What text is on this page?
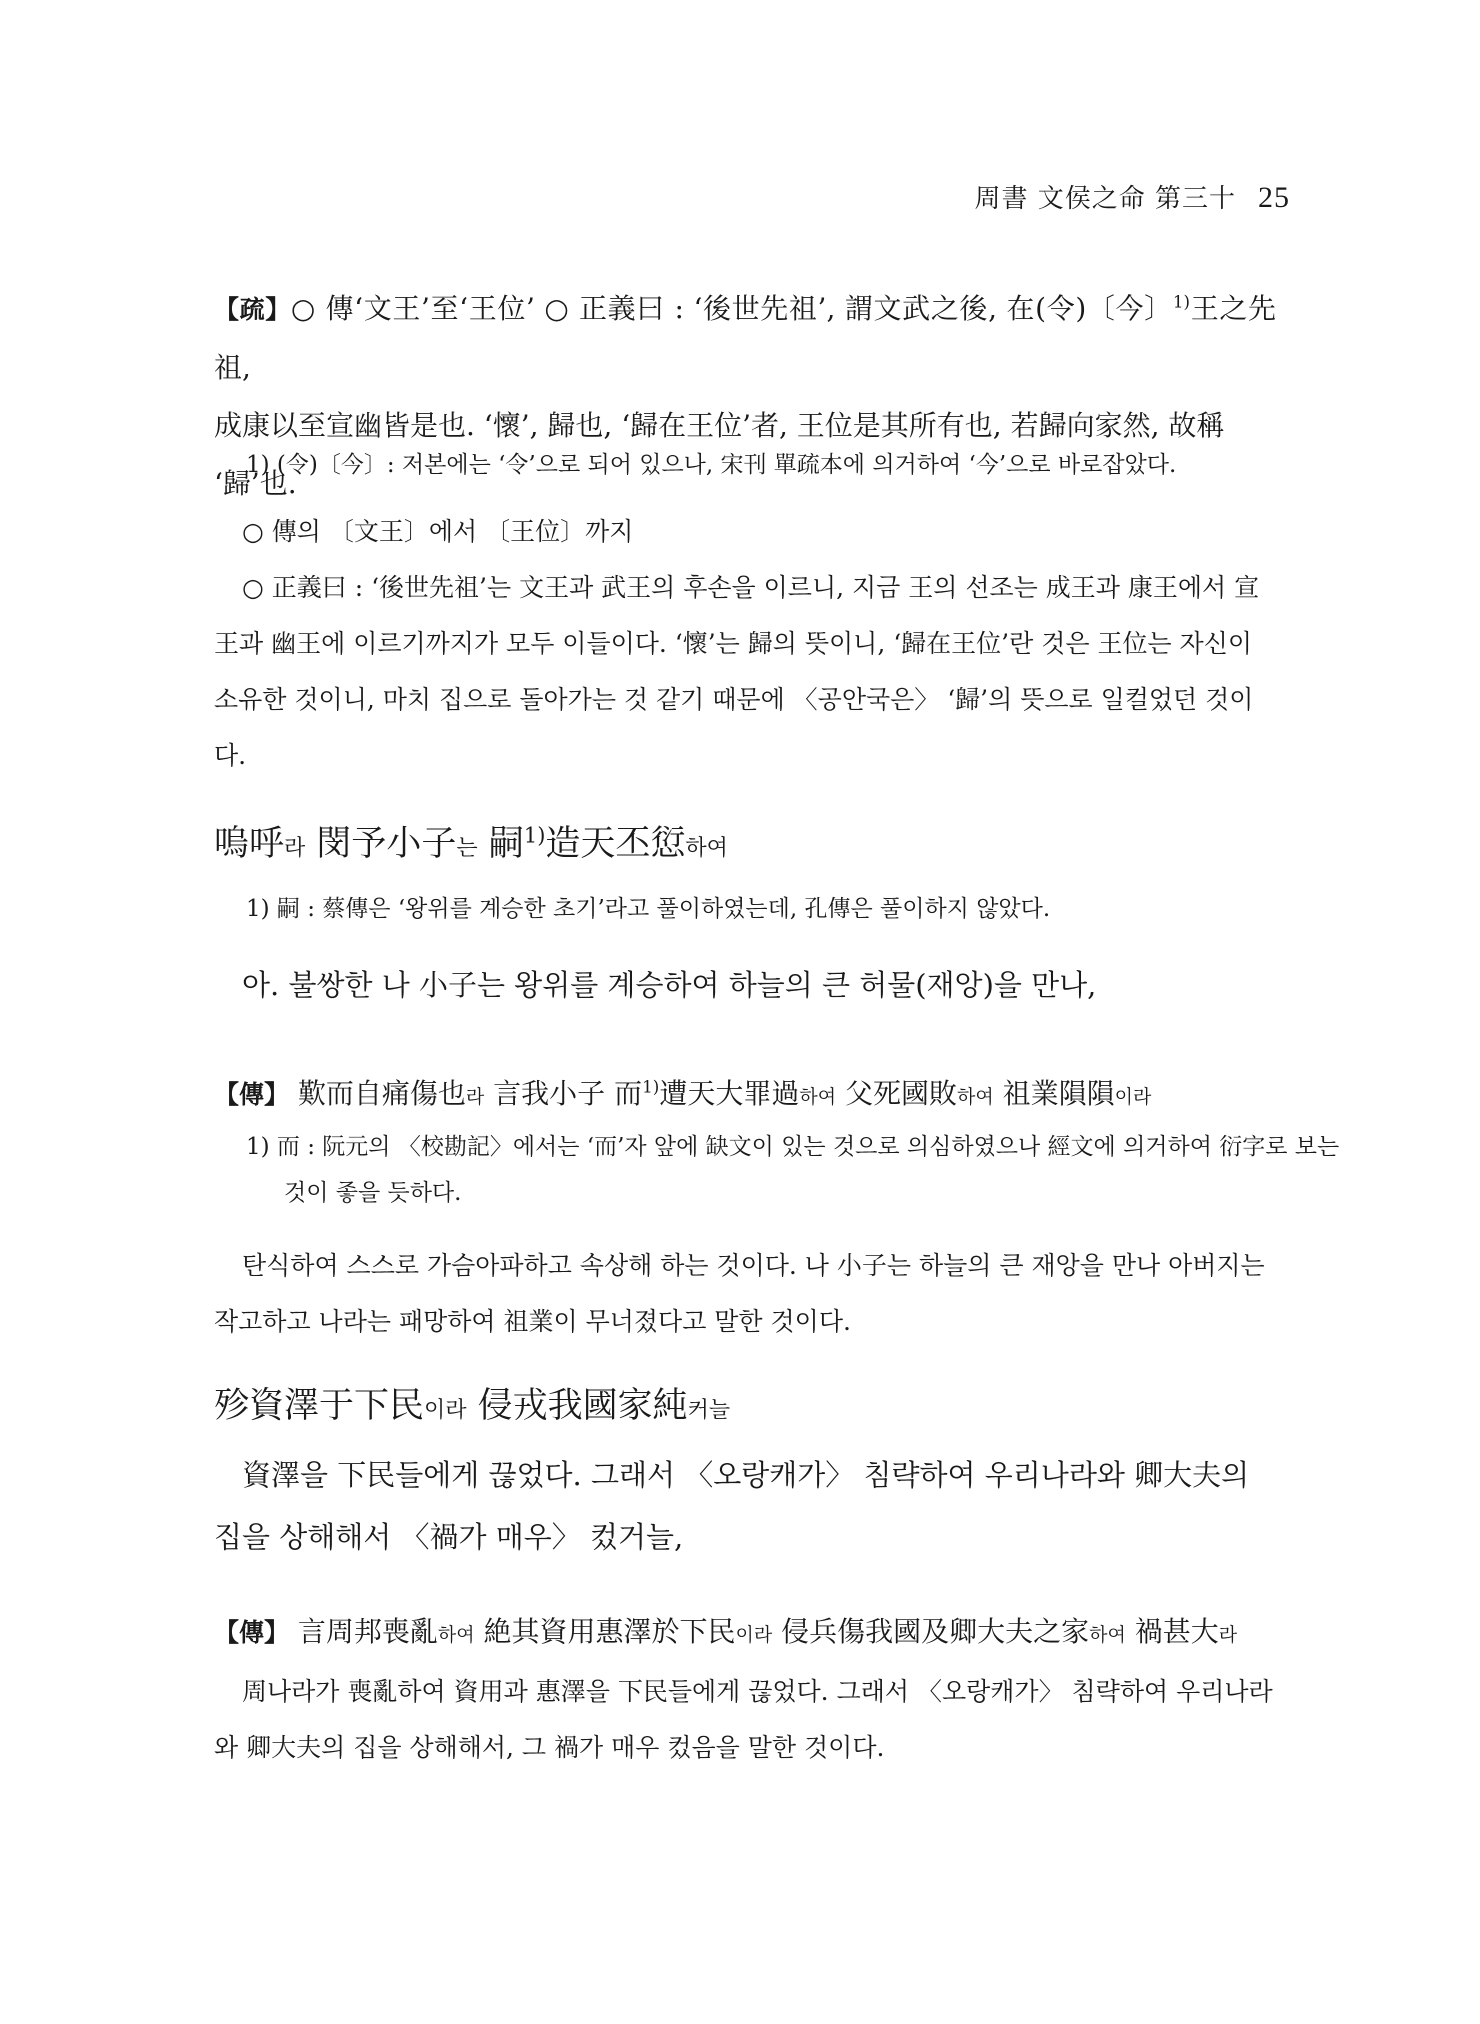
周書 文侯之命 第三十 25
【疏】○ 傳‘文王’至‘王位’ ○ 正義曰 : ‘後世先祖’, 謂文武之後, 在(令)〔今〕$^{1)}$王之先祖,
成康以至宣幽皆是也. ‘懷’, 歸也, ‘歸在王位’者, 王位是其所有也, 若歸向家然, 故稱
‘歸’也.
1) (令)〔今〕: 저본에는 ‘令’으로 되어 있으나, 宋刊 單疏本에 의거하여 ‘今’으로 바로잡았다.
○ 傳의 〔文王〕에서 〔王位〕까지
○ 正義曰 : ‘後世先祖’는 文王과 武王의 후손을 이르니, 지금 王의 선조는 成王과 康王에서 宣王과 幽王에 이르기까지가 모두 이들이다. ‘懷’는 歸의 뜻이니, ‘歸在王位’란 것은 王位는 자신이 소유한 것이니, 마치 집으로 돌아가는 것 같기 때문에 〈공안국은〉 ‘歸’의 뜻으로 일컬었던 것이다.
嗚呼라 閔予小子는 嗣$^{1)}$造天丕愆하여
1) 嗣 : 蔡傳은 ‘왕위를 계승한 초기’라고 풀이하였는데, 孔傳은 풀이하지 않았다.
아. 불쌍한 나 小子는 왕위를 계승하여 하늘의 큰 허물(재앙)을 만나,
【傳】 歎而自痛傷也라 言我小子 而$^{1)}$遭天大罪過하여 父死國敗하여 祖業隕隕이라
1) 而 : 阮元의 〈校勘記〉에서는 ‘而’자 앞에 缺文이 있는 것으로 의심하였으나 經文에 의거하여 衍字로 보는 것이 좋을 듯하다.
탄식하여 스스로 가슴아파하고 속상해 하는 것이다. 나 小子는 하늘의 큰 재앙을 만나 아버지는 작고하고 나라는 패망하여 祖業이 무너졌다고 말한 것이다.
殄資澤于下民이라 侵戎我國家純커늘
資澤을 下民들에게 끊었다. 그래서 〈오랑캐가〉 침략하여 우리나라와 卿大夫의 집을 상해해서 〈禍가 매우〉 컸거늘,
【傳】 言周邦喪亂하여 絶其資用惠澤於下民이라 侵兵傷我國及卿大夫之家하여 禍甚大라
周나라가 喪亂하여 資用과 惠澤을 下民들에게 끊었다. 그래서 〈오랑캐가〉 침략하여 우리나라와 卿大夫의 집을 상해해서, 그 禍가 매우 컸음을 말한 것이다.
